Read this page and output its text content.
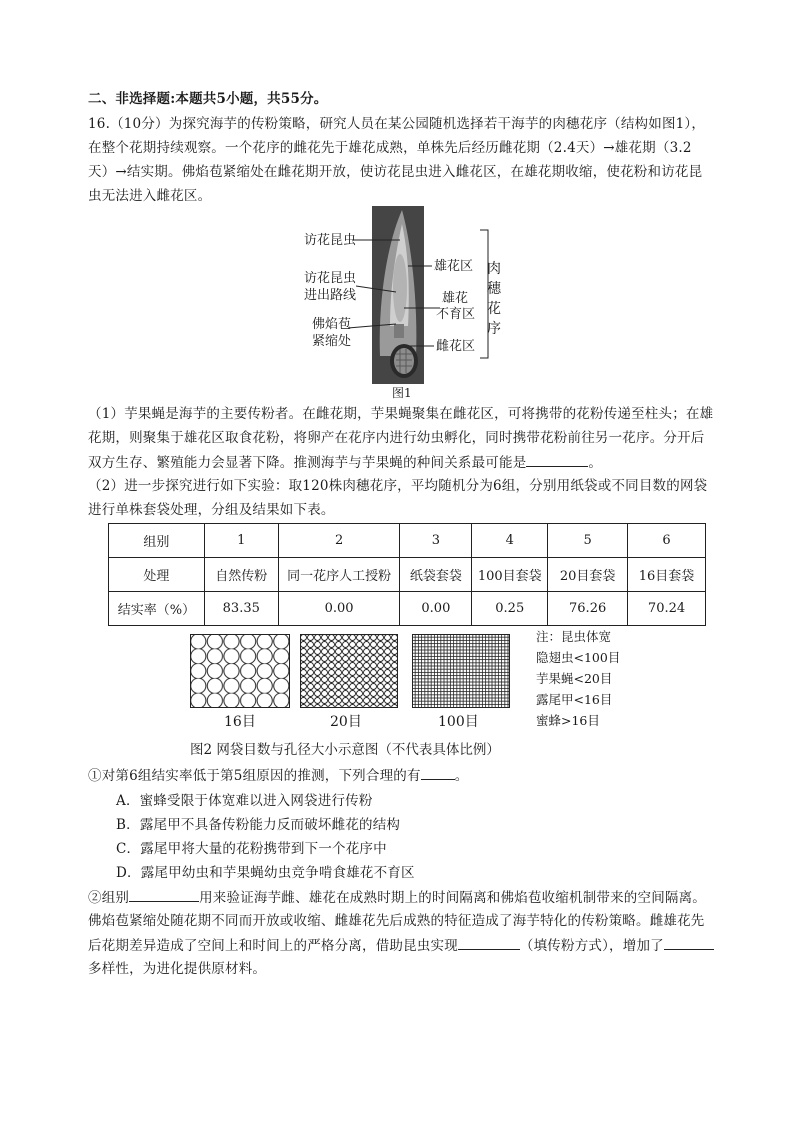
二、非选择题:本题共5小题，共55分。
16.（10分）为探究海芋的传粉策略，研究人员在某公园随机选择若干海芋的肉穗花序（结构如图1），
在整个花期持续观察。一个花序的雌花先于雄花成熟，单株先后经历雌花期（2.4天）→雄花期（3.2
天）→结实期。佛焰苞紧缩处在雌花期开放，使访花昆虫进入雌花区，在雄花期收缩，使花粉和访花昆
虫无法进入雌花区。
访花昆虫
访花昆虫
进出路线
佛焰苞
紧缩处
雄花区
雄花
不育区
雌花区
肉
穗
花
序
图1
（1）芋果蝇是海芋的主要传粉者。在雌花期，芋果蝇聚集在雌花区，可将携带的花粉传递至柱头；在雄
花期，则聚集于雄花区取食花粉，将卵产在花序内进行幼虫孵化，同时携带花粉前往另一花序。分开后
双方生存、繁殖能力会显著下降。推测海芋与芋果蝇的种间关系最可能是	。
（2）进一步探究进行如下实验：取120株肉穗花序，平均随机分为6组，分别用纸袋或不同目数的网袋
进行单株套袋处理，分组及结果如下表。
组别	1	2	3	4	5	6
处理	自然传粉	同一花序人工授粉	纸袋套袋	100目套袋	20目套袋	16目套袋
结实率（%）	83.35	0.00	0.00	0.25	76.26	70.24
16目	20目	100目
注：昆虫体宽
隐翅虫<100目
芋果蝇<20目
露尾甲<16目
蜜蜂>16目
图2 网袋目数与孔径大小示意图（不代表具体比例）
①对第6组结实率低于第5组原因的推测，下列合理的有	。
A．蜜蜂受限于体宽难以进入网袋进行传粉
B．露尾甲不具备传粉能力反而破坏雌花的结构
C．露尾甲将大量的花粉携带到下一个花序中
D．露尾甲幼虫和芋果蝇幼虫竞争啃食雄花不育区
②组别	用来验证海芋雌、雄花在成熟时期上的时间隔离和佛焰苞收缩机制带来的空间隔离。
佛焰苞紧缩处随花期不同而开放或收缩、雌雄花先后成熟的特征造成了海芋特化的传粉策略。雌雄花先
后花期差异造成了空间上和时间上的严格分离，借助昆虫实现	（填传粉方式），增加了
多样性，为进化提供原材料。
